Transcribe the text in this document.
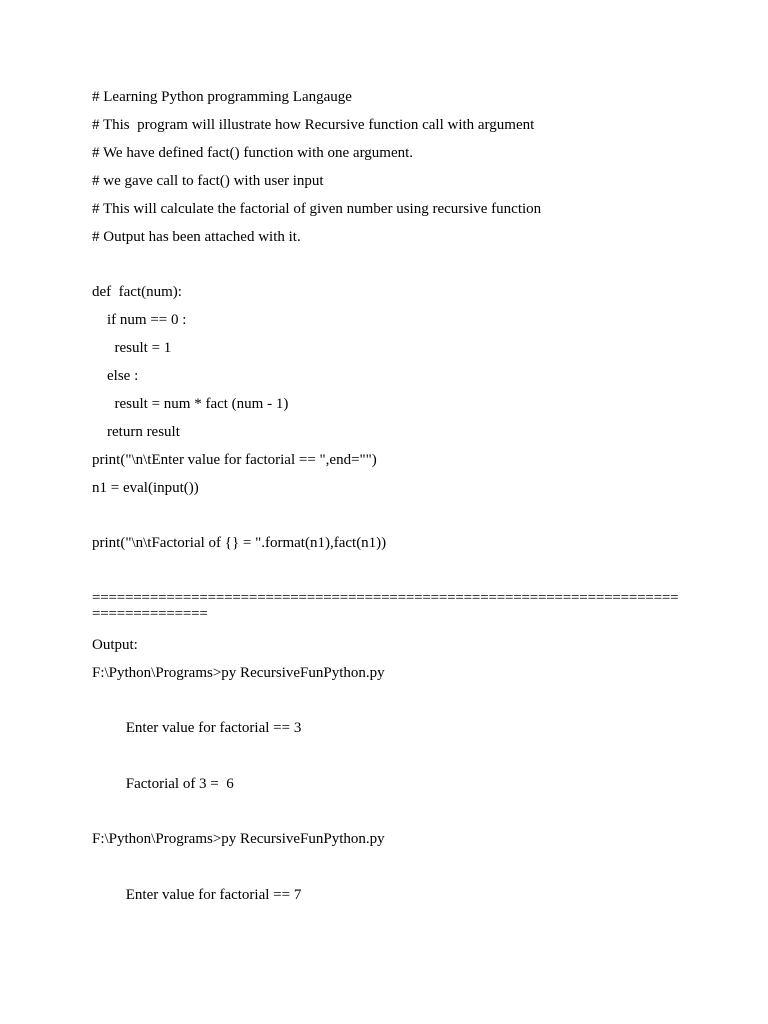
# Learning Python programming Langauge
# This  program will illustrate how Recursive function call with argument
# We have defined fact() function with one argument.
# we gave call to fact() with user input
# This will calculate the factorial of given number using recursive function
# Output has been attached with it.
def  fact(num):
if num == 0 :
result = 1
else :
result = num * fact (num - 1)
return result
print("\n\tEnter value for factorial == ",end="")
n1 = eval(input())
print("\n\tFactorial of {} = ".format(n1),fact(n1))
=====================================================================================
Output:
F:\Python\Programs>py RecursiveFunPython.py
Enter value for factorial == 3
Factorial of 3 =  6
F:\Python\Programs>py RecursiveFunPython.py
Enter value for factorial == 7
